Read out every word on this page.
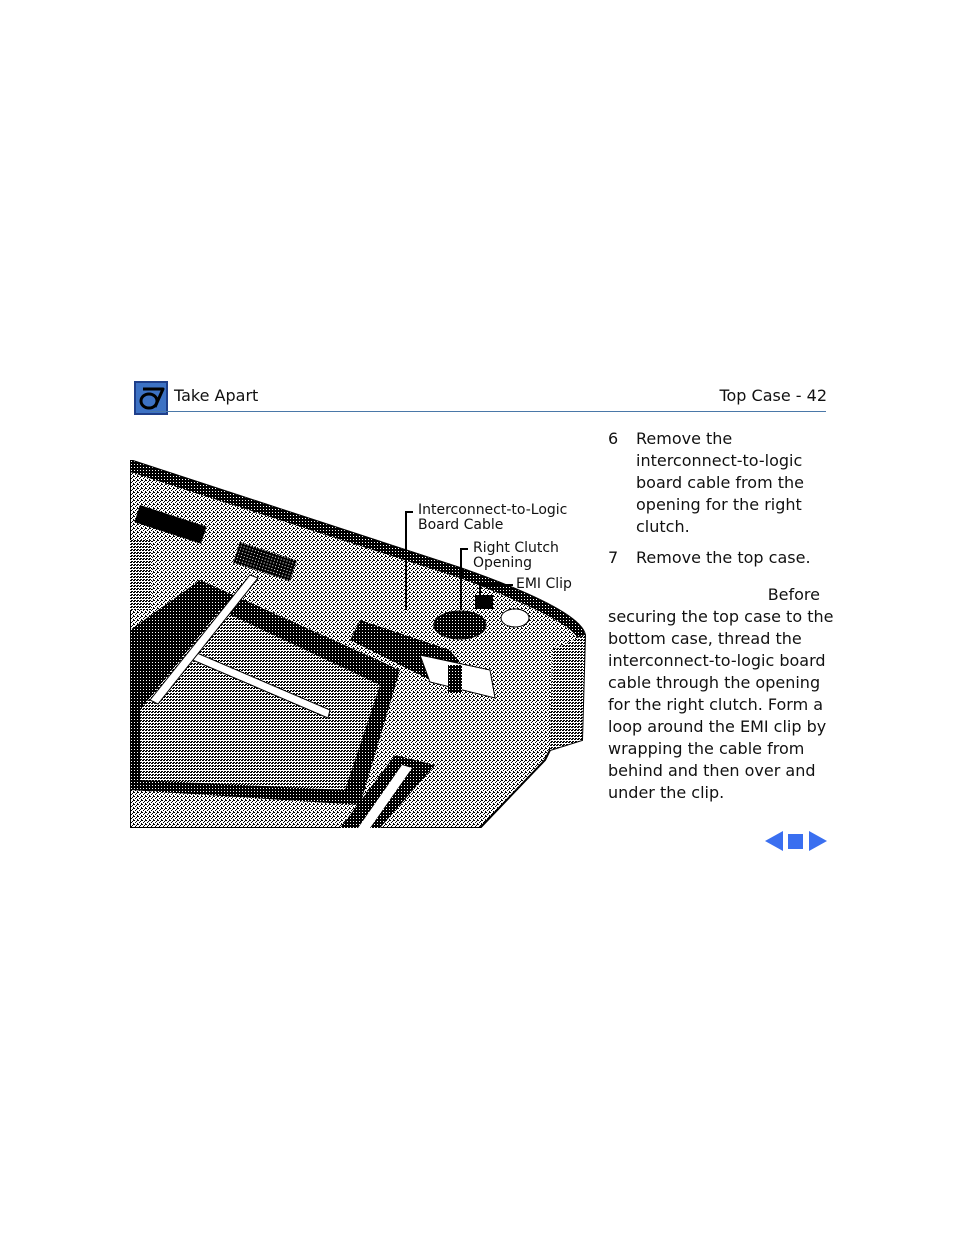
Take Apart	Top Case - 42
Interconnect-to-Logic
Board Cable
Right Clutch
Opening
EMI Clip
6 Remove the interconnect-to-logic board cable from the opening for the right clutch.
7 Remove the top case.
Before
securing the top case to the bottom case, thread the interconnect-to-logic board cable through the opening for the right clutch. Form a loop around the EMI clip by wrapping the cable from behind and then over and under the clip.
